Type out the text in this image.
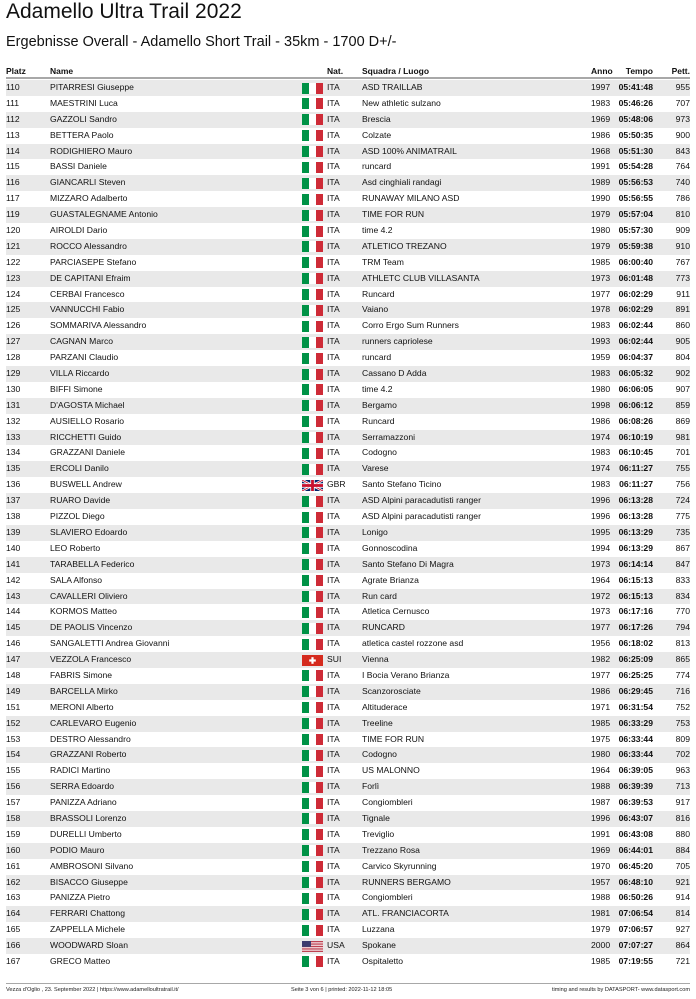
Adamello Ultra Trail 2022
Ergebnisse Overall - Adamello Short Trail - 35km - 1700 D+/-
Platz	Name	Nat.	Squadra / Luogo	Anno	Tempo	Pett.
110	PITARRESI Giuseppe	ITA	ASD TRAILLAB	1997 05:41:48	955
111	MAESTRINI Luca	ITA	New athletic sulzano	1983 05:46:26	707
112	GAZZOLI Sandro	ITA	Brescia	1969 05:48:06	973
113	BETTERA Paolo	ITA	Colzate	1986 05:50:35	900
114	RODIGHIERO Mauro	ITA	ASD 100% ANIMATRAIL	1968 05:51:30	843
115	BASSI Daniele	ITA	runcard	1991 05:54:28	764
116	GIANCARLI Steven	ITA	Asd cinghiali randagi	1989 05:56:53	740
117	MIZZARO Adalberto	ITA	RUNAWAY MILANO ASD	1990 05:56:55	786
119	GUASTALEGNAME Antonio	ITA	TIME FOR RUN	1979 05:57:04	810
120	AIROLDI Dario	ITA	time 4.2	1980 05:57:30	909
121	ROCCO Alessandro	ITA	ATLETICO TREZANO	1979 05:59:38	910
122	PARCIASEPE Stefano	ITA	TRM Team	1985 06:00:40	767
123	DE CAPITANI Efraim	ITA	ATHLETC CLUB VILLASANTA	1973 06:01:48	773
124	CERBAI Francesco	ITA	Runcard	1977 06:02:29	911
125	VANNUCCHI Fabio	ITA	Vaiano	1978 06:02:29	891
126	SOMMARIVA Alessandro	ITA	Corro Ergo Sum Runners	1983 06:02:44	860
127	CAGNAN Marco	ITA	runners capriolese	1993 06:02:44	905
128	PARZANI Claudio	ITA	runcard	1959 06:04:37	804
129	VILLA Riccardo	ITA	Cassano D Adda	1983 06:05:32	902
130	BIFFI Simone	ITA	time 4.2	1980 06:06:05	907
131	D'AGOSTA Michael	ITA	Bergamo	1998 06:06:12	859
132	AUSIELLO Rosario	ITA	Runcard	1986 06:08:26	869
133	RICCHETTI Guido	ITA	Serramazzoni	1974 06:10:19	981
134	GRAZZANI Daniele	ITA	Codogno	1983 06:10:45	701
135	ERCOLI Danilo	ITA	Varese	1974	06:11:27	755
136	BUSWELL Andrew	GBR	Santo Stefano Ticino	1983	06:11:27	756
137	RUARO Davide	ITA	ASD Alpini paracadutisti ranger	1996 06:13:28	724
138	PIZZOL Diego	ITA	ASD Alpini paracadutisti ranger	1996 06:13:28	775
139	SLAVIERO Edoardo	ITA	Lonigo	1995 06:13:29	735
140	LEO Roberto	ITA	Gonnoscodina	1994 06:13:29	867
141	TARABELLA Federico	ITA	Santo Stefano Di Magra	1973 06:14:14	847
142	SALA Alfonso	ITA	Agrate Brianza	1964 06:15:13	833
143	CAVALLERI Oliviero	ITA	Run card	1972 06:15:13	834
144	KORMOS Matteo	ITA	Atletica Cernusco	1973 06:17:16	770
145	DE PAOLIS Vincenzo	ITA	RUNCARD	1977 06:17:26	794
146	SANGALETTI Andrea Giovanni	ITA	atletica castel rozzone asd	1956 06:18:02	813
147	VEZZOLA Francesco	SUI	Vienna	1982 06:25:09	865
148	FABRIS Simone	ITA	I Bocia Verano Brianza	1977 06:25:25	774
149	BARCELLA Mirko	ITA	Scanzorosciate	1986 06:29:45	716
151	MERONI Alberto	ITA	Altituderace	1971 06:31:54	752
152	CARLEVARO Eugenio	ITA	Treeline	1985 06:33:29	753
153	DESTRO Alessandro	ITA	TIME FOR RUN	1975 06:33:44	809
154	GRAZZANI Roberto	ITA	Codogno	1980 06:33:44	702
155	RADICI Martino	ITA	US MALONNO	1964 06:39:05	963
156	SERRA Edoardo	ITA	Forlì	1988 06:39:39	713
157	PANIZZA Adriano	ITA	Congiombleri	1987 06:39:53	917
158	BRASSOLI Lorenzo	ITA	Tignale	1996 06:43:07	816
159	DURELLI Umberto	ITA	Treviglio	1991 06:43:08	880
160	PODIO Mauro	ITA	Trezzano Rosa	1969 06:44:01	884
161	AMBROSONI Silvano	ITA	Carvico Skyrunning	1970 06:45:20	705
162	BISACCO Giuseppe	ITA	RUNNERS BERGAMO	1957 06:48:10	921
163	PANIZZA Pietro	ITA	Congiombleri	1988 06:50:26	914
164	FERRARI Chattong	ITA	ATL. FRANCIACORTA	1981 07:06:54	814
165	ZAPPELLA Michele	ITA	Luzzana	1979 07:06:57	927
166	WOODWARD Sloan	USA	Spokane	2000 07:07:27	864
167	GRECO Matteo	ITA	Ospitaletto	1985 07:19:55	721
Vezza d'Oglio , 23. September 2022 | https://www.adamelloultratrail.it/	Seite 3 von 6 | printed: 2022-11-12 18:05	timing and results by DATASPORT- www.datasport.com
